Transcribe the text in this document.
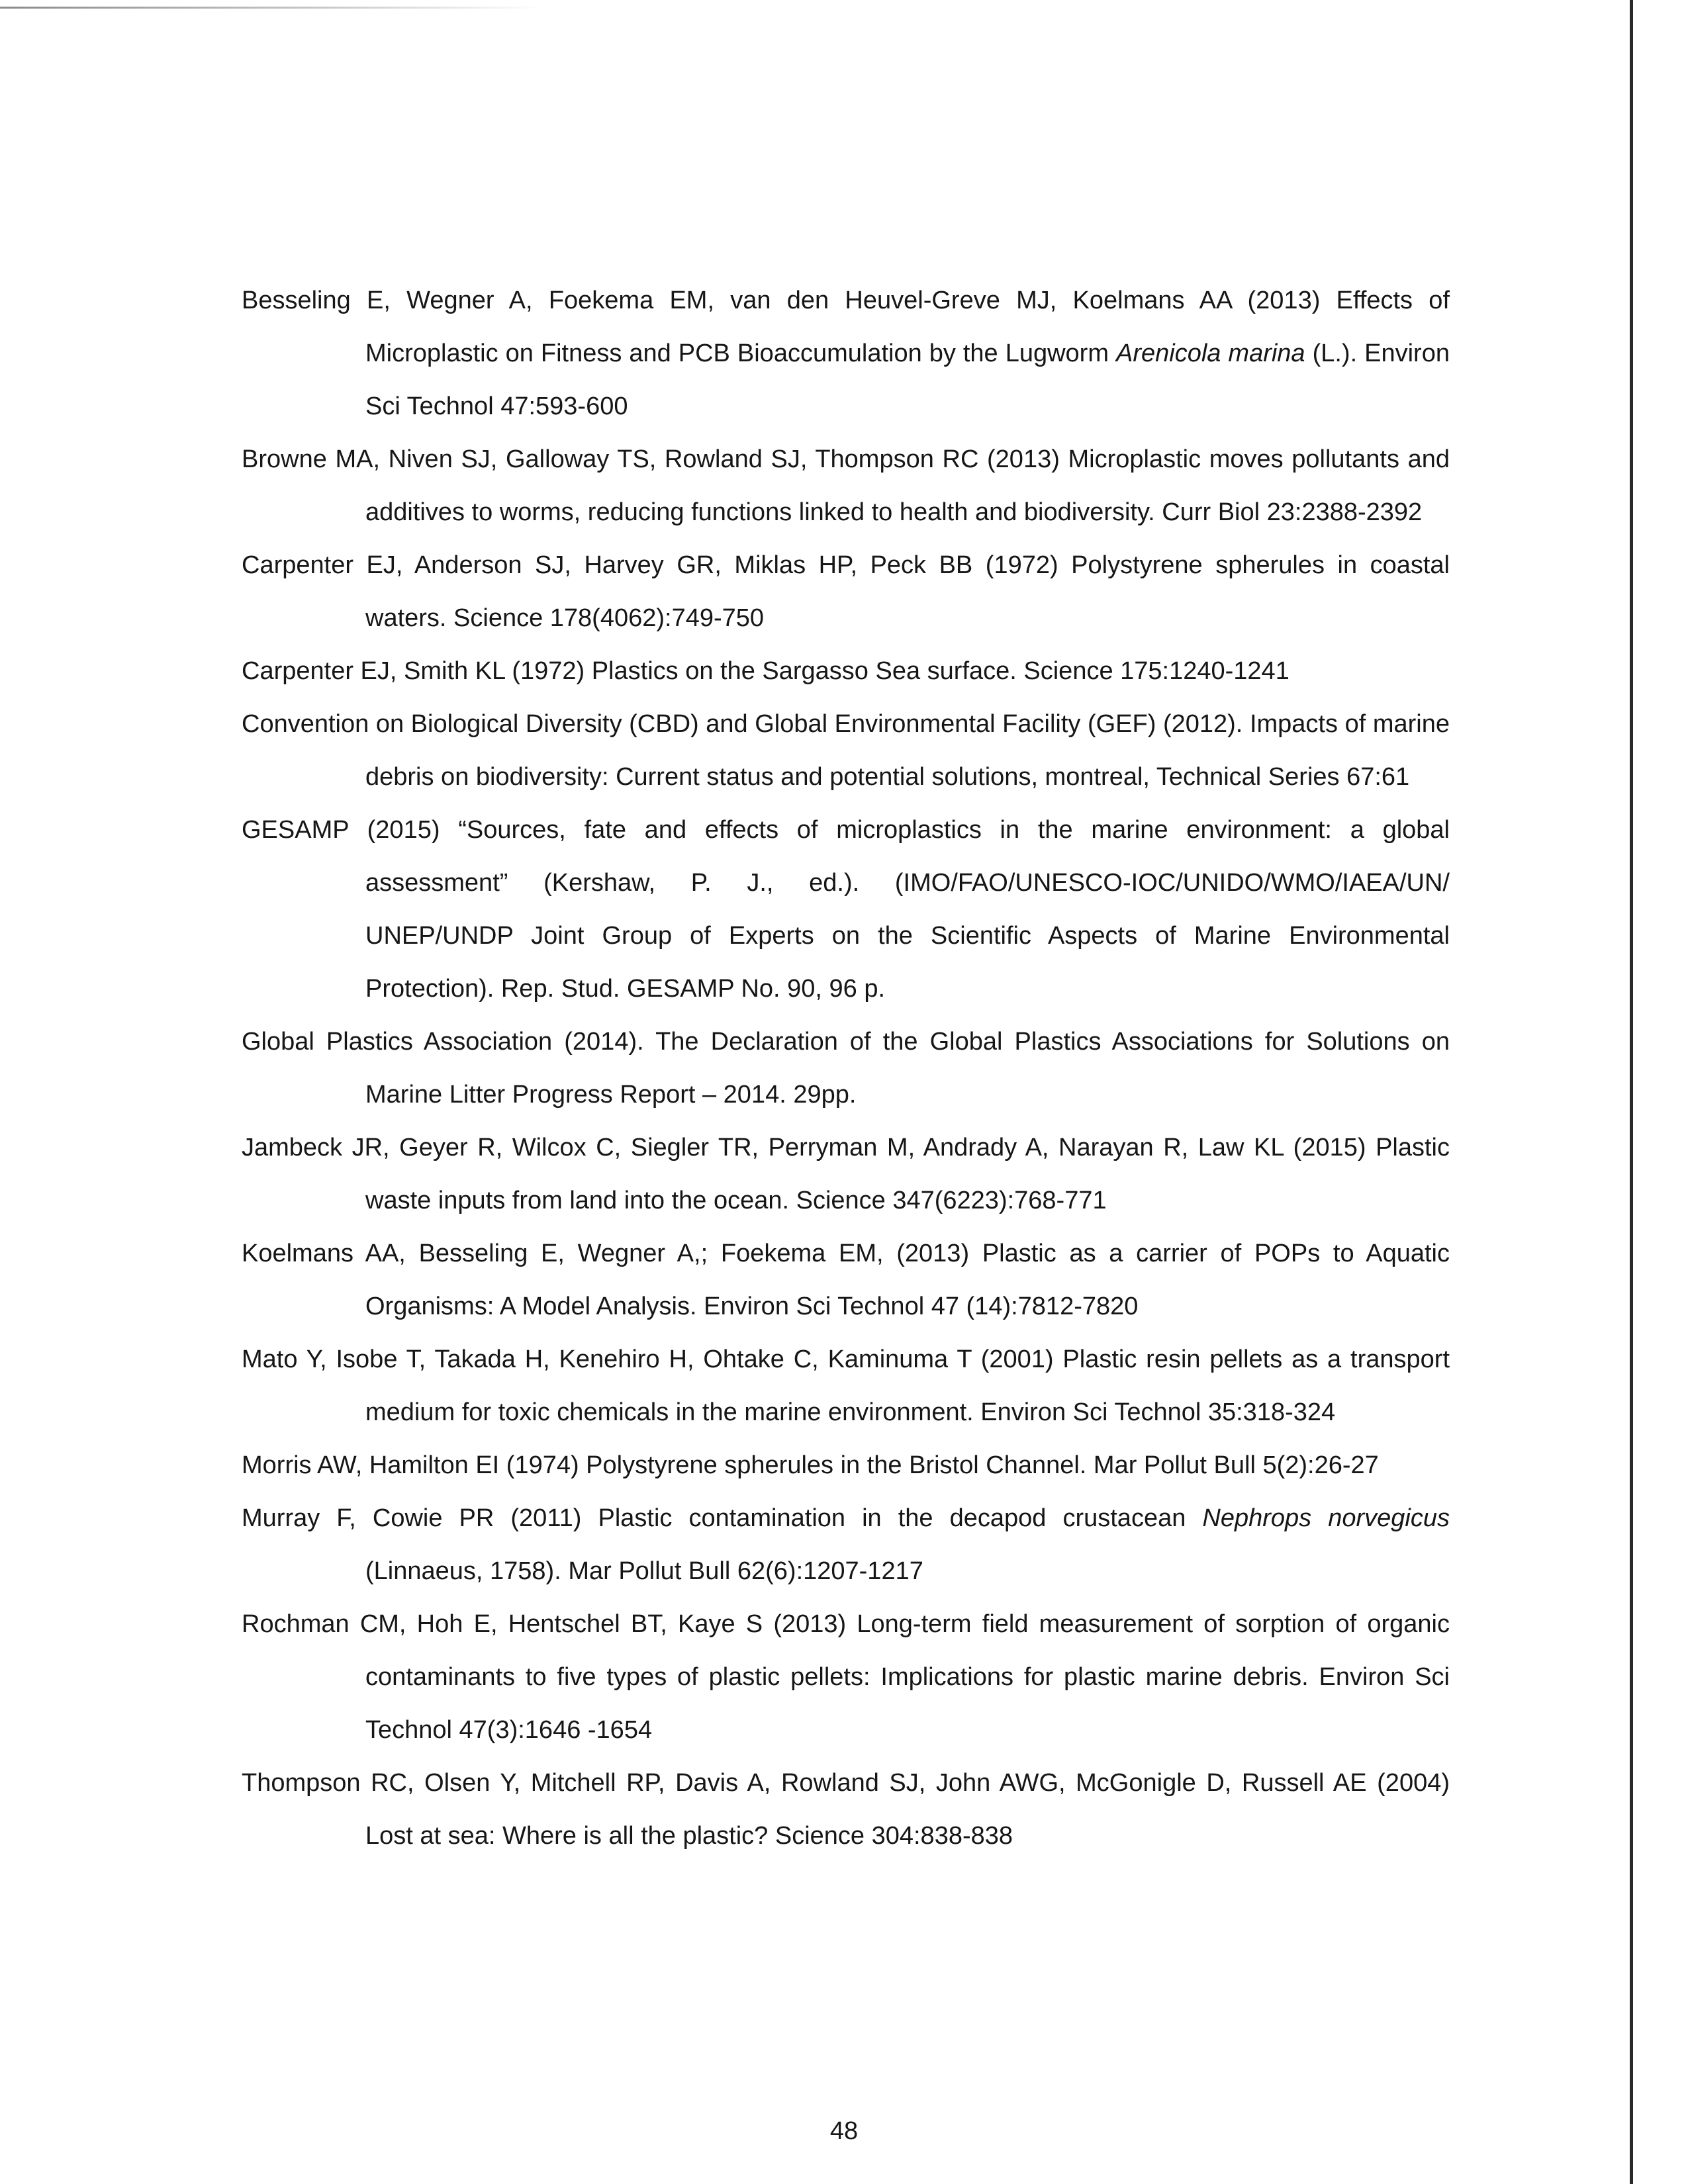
Besseling E, Wegner A, Foekema EM, van den Heuvel-Greve MJ, Koelmans AA (2013) Effects of Microplastic on Fitness and PCB Bioaccumulation by the Lugworm Arenicola marina (L.). Environ Sci Technol 47:593-600
Browne MA, Niven SJ, Galloway TS, Rowland SJ, Thompson RC (2013) Microplastic moves pollutants and additives to worms, reducing functions linked to health and biodiversity. Curr Biol 23:2388-2392
Carpenter EJ, Anderson SJ, Harvey GR, Miklas HP, Peck BB (1972) Polystyrene spherules in coastal waters. Science 178(4062):749-750
Carpenter EJ, Smith KL (1972) Plastics on the Sargasso Sea surface. Science 175:1240-1241
Convention on Biological Diversity (CBD) and Global Environmental Facility (GEF) (2012). Impacts of marine debris on biodiversity: Current status and potential solutions, montreal, Technical Series 67:61
GESAMP (2015) “Sources, fate and effects of microplastics in the marine environment: a global assessment” (Kershaw, P. J., ed.). (IMO/FAO/UNESCO-IOC/UNIDO/WMO/IAEA/UN/ UNEP/UNDP Joint Group of Experts on the Scientific Aspects of Marine Environmental Protection). Rep. Stud. GESAMP No. 90, 96 p.
Global Plastics Association (2014). The Declaration of the Global Plastics Associations for Solutions on Marine Litter Progress Report – 2014. 29pp.
Jambeck JR, Geyer R, Wilcox C, Siegler TR, Perryman M, Andrady A, Narayan R, Law KL (2015) Plastic waste inputs from land into the ocean. Science 347(6223):768-771
Koelmans AA, Besseling E, Wegner A,; Foekema EM, (2013) Plastic as a carrier of POPs to Aquatic Organisms: A Model Analysis. Environ Sci Technol 47 (14):7812-7820
Mato Y, Isobe T, Takada H, Kenehiro H, Ohtake C, Kaminuma T (2001) Plastic resin pellets as a transport medium for toxic chemicals in the marine environment. Environ Sci Technol 35:318-324
Morris AW, Hamilton EI (1974) Polystyrene spherules in the Bristol Channel. Mar Pollut Bull 5(2):26-27
Murray F, Cowie PR (2011) Plastic contamination in the decapod crustacean Nephrops norvegicus (Linnaeus, 1758). Mar Pollut Bull 62(6):1207-1217
Rochman CM, Hoh E, Hentschel BT, Kaye S (2013) Long-term field measurement of sorption of organic contaminants to five types of plastic pellets: Implications for plastic marine debris. Environ Sci Technol 47(3):1646 -1654
Thompson RC, Olsen Y, Mitchell RP, Davis A, Rowland SJ, John AWG, McGonigle D, Russell AE (2004) Lost at sea: Where is all the plastic? Science 304:838-838
48
